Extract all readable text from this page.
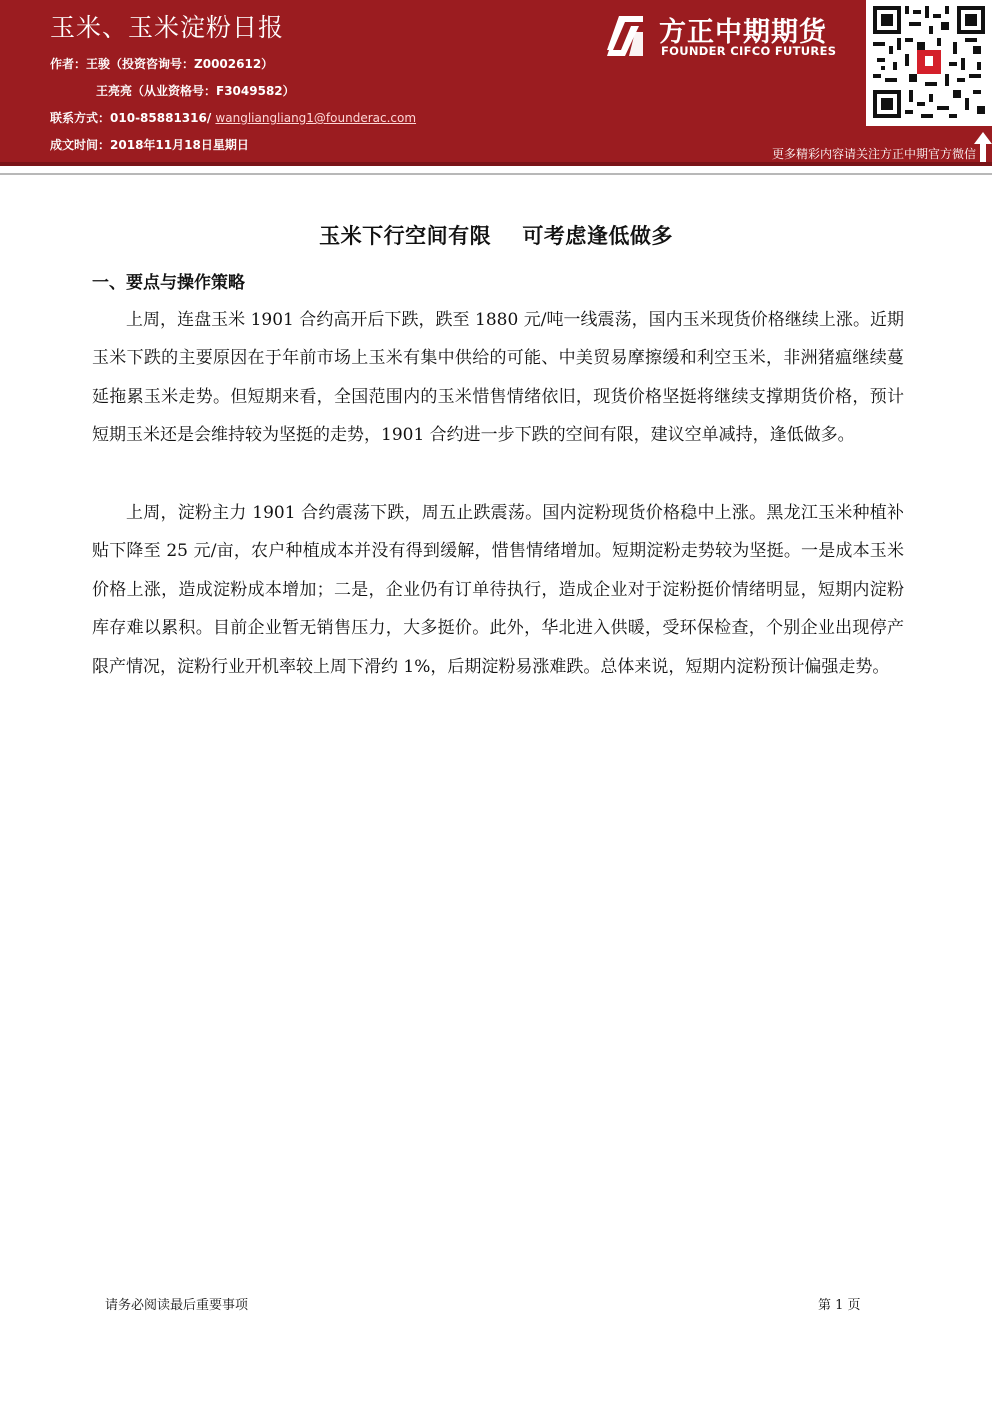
玉米、玉米淀粉日报
作者：王骏（投资咨询号：Z0002612）
王亮亮（从业资格号：F3049582）
联系方式：010-85881316/ wangliangliang1@founderac.com
成文时间：2018年11月18日星期日
方正中期期货
FOUNDER CIFCO FUTURES
更多精彩内容请关注方正中期官方微信
玉米下行空间有限    可考虑逢低做多
一、要点与操作策略

上周，连盘玉米 1901 合约高开后下跌，跌至 1880 元/吨一线震荡，国内玉米现货价格继续上涨。近期玉米下跌的主要原因在于年前市场上玉米有集中供给的可能、中美贸易摩擦缓和利空玉米，非洲猪瘟继续蔓延拖累玉米走势。但短期来看，全国范围内的玉米惜售情绪依旧，现货价格坚挺将继续支撑期货价格，预计短期玉米还是会维持较为坚挺的走势，1901 合约进一步下跌的空间有限，建议空单减持，逢低做多。

上周，淀粉主力 1901 合约震荡下跌，周五止跌震荡。国内淀粉现货价格稳中上涨。黑龙江玉米种植补贴下降至 25 元/亩，农户种植成本并没有得到缓解，惜售情绪增加。短期淀粉走势较为坚挺。一是成本玉米价格上涨，造成淀粉成本增加；二是，企业仍有订单待执行，造成企业对于淀粉挺价情绪明显，短期内淀粉库存难以累积。目前企业暂无销售压力，大多挺价。此外，华北进入供暖，受环保检查，个别企业出现停产限产情况，淀粉行业开机率较上周下滑约 1%，后期淀粉易涨难跌。总体来说，短期内淀粉预计偏强走势。

请务必阅读最后重要事项	第 1 页
